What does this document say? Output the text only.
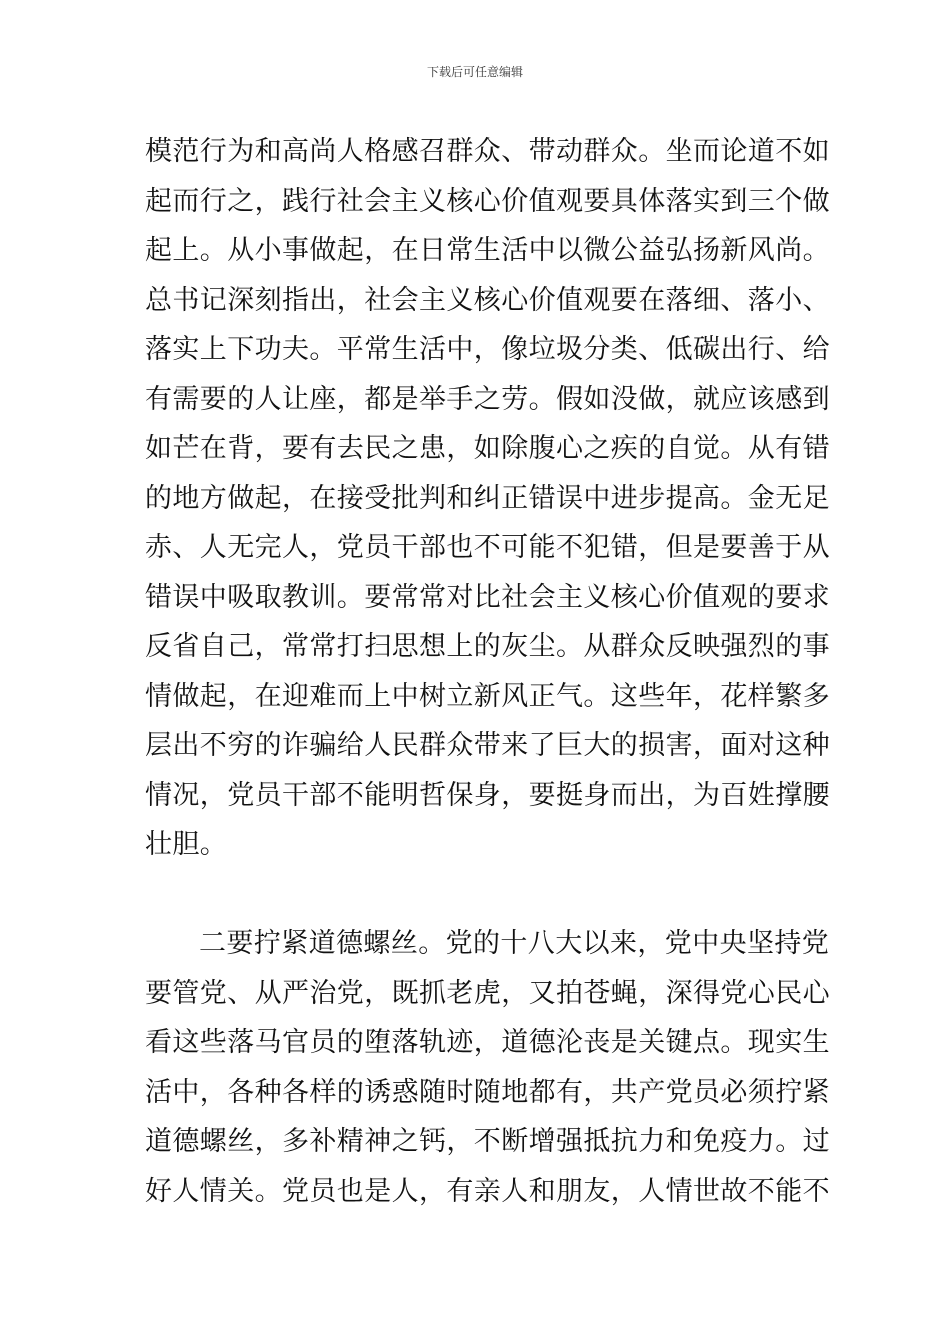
下载后可任意编辑
模范行为和高尚人格感召群众、带动群众。坐而论道不如
起而行之，践行社会主义核心价值观要具体落实到三个做
起上。从小事做起，在日常生活中以微公益弘扬新风尚。
总书记深刻指出，社会主义核心价值观要在落细、落小、
落实上下功夫。平常生活中，像垃圾分类、低碳出行、给
有需要的人让座，都是举手之劳。假如没做，就应该感到
如芒在背，要有去民之患，如除腹心之疾的自觉。从有错
的地方做起，在接受批判和纠正错误中进步提高。金无足
赤、人无完人，党员干部也不可能不犯错，但是要善于从
错误中吸取教训。要常常对比社会主义核心价值观的要求
反省自己，常常打扫思想上的灰尘。从群众反映强烈的事
情做起，在迎难而上中树立新风正气。这些年，花样繁多
层出不穷的诈骗给人民群众带来了巨大的损害，面对这种
情况，党员干部不能明哲保身，要挺身而出，为百姓撑腰
壮胆。
二要拧紧道德螺丝。党的十八大以来，党中央坚持党
要管党、从严治党，既抓老虎，又拍苍蝇，深得党心民心
看这些落马官员的堕落轨迹，道德沦丧是关键点。现实生
活中，各种各样的诱惑随时随地都有，共产党员必须拧紧
道德螺丝，多补精神之钙，不断增强抵抗力和免疫力。过
好人情关。党员也是人，有亲人和朋友，人情世故不能不
